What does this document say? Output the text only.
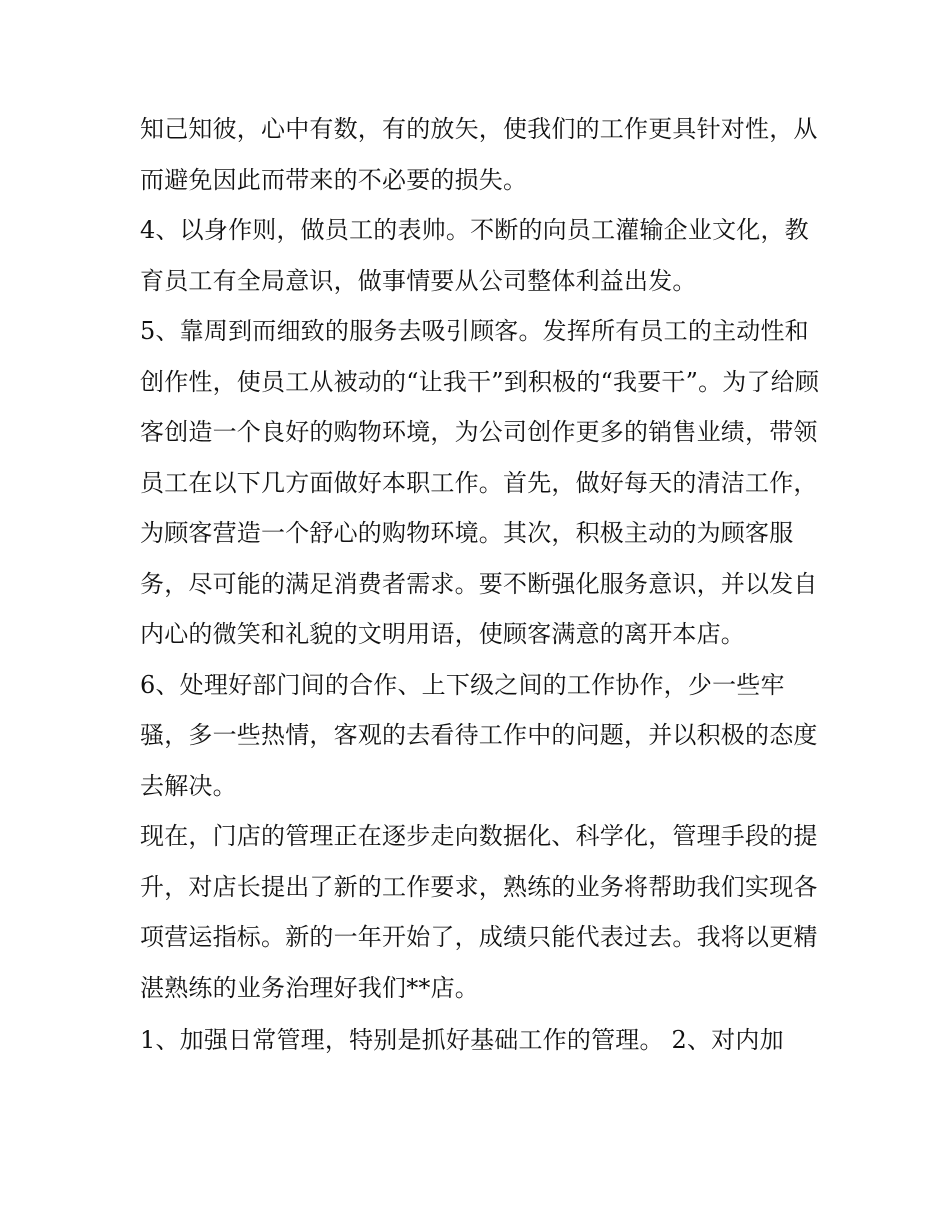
知己知彼，心中有数，有的放矢，使我们的工作更具针对性，从而避免因此而带来的不必要的损失。

4、以身作则，做员工的表帅。不断的向员工灌输企业文化，教育员工有全局意识，做事情要从公司整体利益出发。

5、靠周到而细致的服务去吸引顾客。发挥所有员工的主动性和创作性，使员工从被动的“让我干”到积极的“我要干”。为了给顾客创造一个良好的购物环境，为公司创作更多的销售业绩，带领员工在以下几方面做好本职工作。首先，做好每天的清洁工作，为顾客营造一个舒心的购物环境。其次，积极主动的为顾客服务，尽可能的满足消费者需求。要不断强化服务意识，并以发自内心的微笑和礼貌的文明用语，使顾客满意的离开本店。

6、处理好部门间的合作、上下级之间的工作协作，少一些牢骚，多一些热情，客观的去看待工作中的问题，并以积极的态度去解决。

现在，门店的管理正在逐步走向数据化、科学化，管理手段的提升，对店长提出了新的工作要求，熟练的业务将帮助我们实现各项营运指标。新的一年开始了，成绩只能代表过去。我将以更精湛熟练的业务治理好我们**店。

1、加强日常管理，特别是抓好基础工作的管理。 2、对内加
